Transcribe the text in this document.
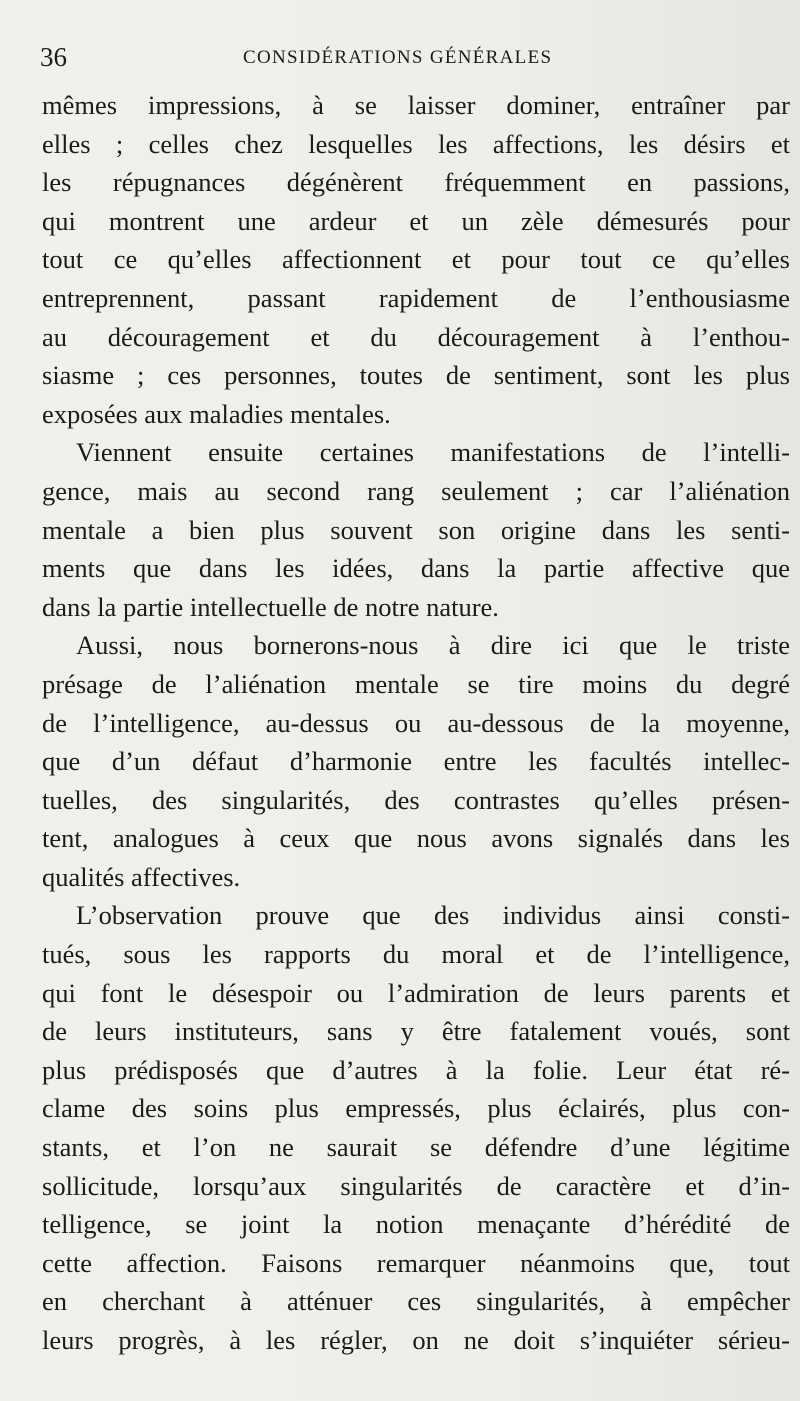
36	CONSIDÉRATIONS GÉNÉRALES
mêmes impressions, à se laisser dominer, entraîner par
elles ; celles chez lesquelles les affections, les désirs et
les répugnances dégénèrent fréquemment en passions,
qui montrent une ardeur et un zèle démesurés pour
tout ce qu’elles affectionnent et pour tout ce qu’elles
entreprennent, passant rapidement de l’enthousiasme
au découragement et du découragement à l’enthou-
siasme ; ces personnes, toutes de sentiment, sont les plus
exposées aux maladies mentales.
Viennent ensuite certaines manifestations de l’intelli-
gence, mais au second rang seulement ; car l’aliénation
mentale a bien plus souvent son origine dans les senti-
ments que dans les idées, dans la partie affective que
dans la partie intellectuelle de notre nature.
Aussi, nous bornerons-nous à dire ici que le triste
présage de l’aliénation mentale se tire moins du degré
de l’intelligence, au-dessus ou au-dessous de la moyenne,
que d’un défaut d’harmonie entre les facultés intellec-
tuelles, des singularités, des contrastes qu’elles présen-
tent, analogues à ceux que nous avons signalés dans les
qualités affectives.
L’observation prouve que des individus ainsi consti-
tués, sous les rapports du moral et de l’intelligence,
qui font le désespoir ou l’admiration de leurs parents et
de leurs instituteurs, sans y être fatalement voués, sont
plus prédisposés que d’autres à la folie. Leur état ré-
clame des soins plus empressés, plus éclairés, plus con-
stants, et l’on ne saurait se défendre d’une légitime
sollicitude, lorsqu’aux singularités de caractère et d’in-
telligence, se joint la notion menaçante d’hérédité de
cette affection. Faisons remarquer néanmoins que, tout
en cherchant à atténuer ces singularités, à empêcher
leurs progrès, à les régler, on ne doit s’inquiéter sérieu-
